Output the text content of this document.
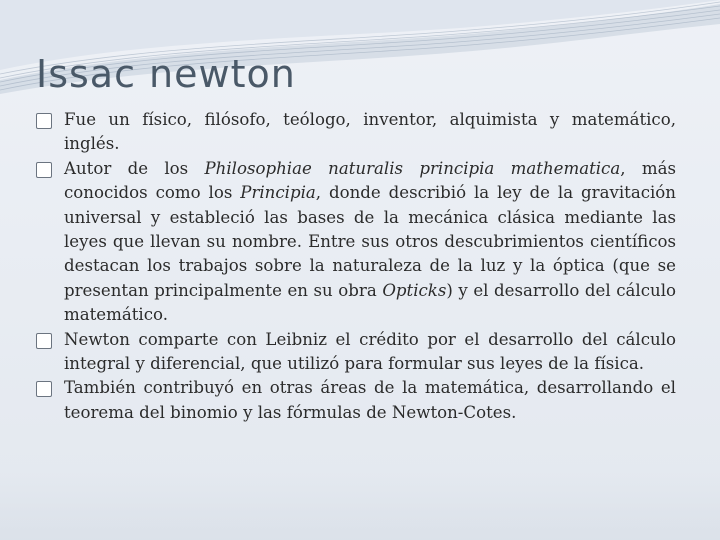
Issac newton

Fue un físico, filósofo, teólogo, inventor, alquimista y matemático, inglés.

Autor de los Philosophiae naturalis principia mathematica, más conocidos como los Principia, donde describió la ley de la gravitación universal y estableció las bases de la mecánica clásica mediante las leyes que llevan su nombre. Entre sus otros descubrimientos científicos destacan los trabajos sobre la naturaleza de la luz y la óptica (que se presentan principalmente en su obra Opticks) y el desarrollo del cálculo matemático.

Newton comparte con Leibniz el crédito por el desarrollo del cálculo integral y diferencial, que utilizó para formular sus leyes de la física.

También contribuyó en otras áreas de la matemática, desarrollando el teorema del binomio y las fórmulas de Newton-Cotes.
